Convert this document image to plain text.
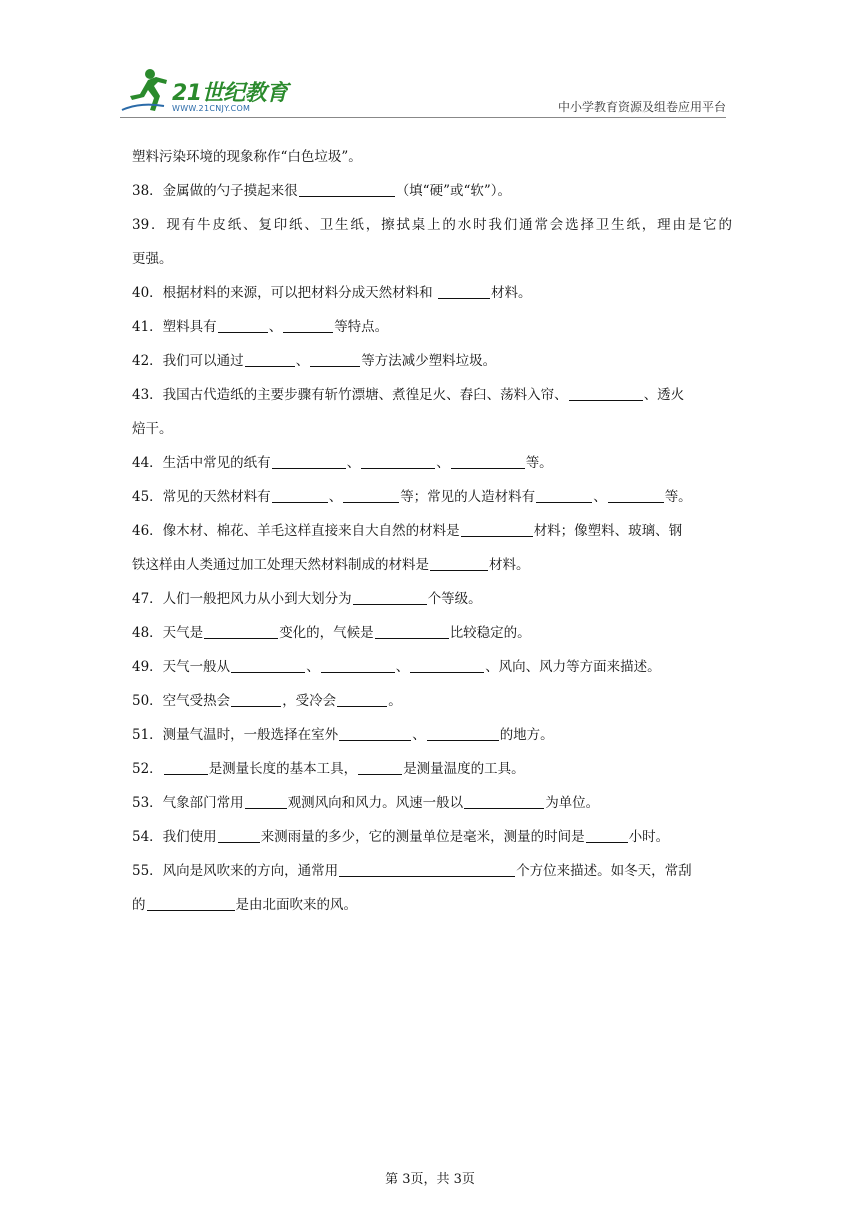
21世纪教育
WWW.21CNJY.COM	中小学教育资源及组卷应用平台
塑料污染环境的现象称作“白色垃圾”。
38．金属做的勺子摸起来很	（填“硬”或“软”）。
39．现有牛皮纸、复印纸、卫生纸，擦拭桌上的水时我们通常会选择卫生纸，理由是它的
更强。
40．根据材料的来源，可以把材料分成天然材料和	材料。
41．塑料具有	、	等特点。
42．我们可以通过	、	等方法减少塑料垃圾。
43．我国古代造纸的主要步骤有斩竹漂塘、煮徨足火、舂臼、荡料入帘、	、透火
焙干。
44．生活中常见的纸有	、	、	等。
45．常见的天然材料有	、	等；常见的人造材料有	、	等。
46．像木材、棉花、羊毛这样直接来自大自然的材料是	材料；像塑料、玻璃、钢
铁这样由人类通过加工处理天然材料制成的材料是	材料。
47．人们一般把风力从小到大划分为	个等级。
48．天气是	变化的，气候是	比较稳定的。
49．天气一般从	、	、	、风向、风力等方面来描述。
50．空气受热会	，受冷会	。
51．测量气温时，一般选择在室外	、	的地方。
52．	是测量长度的基本工具，	是测量温度的工具。
53．气象部门常用	观测风向和风力。风速一般以	为单位。
54．我们使用	来测雨量的多少，它的测量单位是毫米，测量的时间是	小时。
55．风向是风吹来的方向，通常用	个方位来描述。如冬天，常刮
的	是由北面吹来的风。
第 3页，共 3页
